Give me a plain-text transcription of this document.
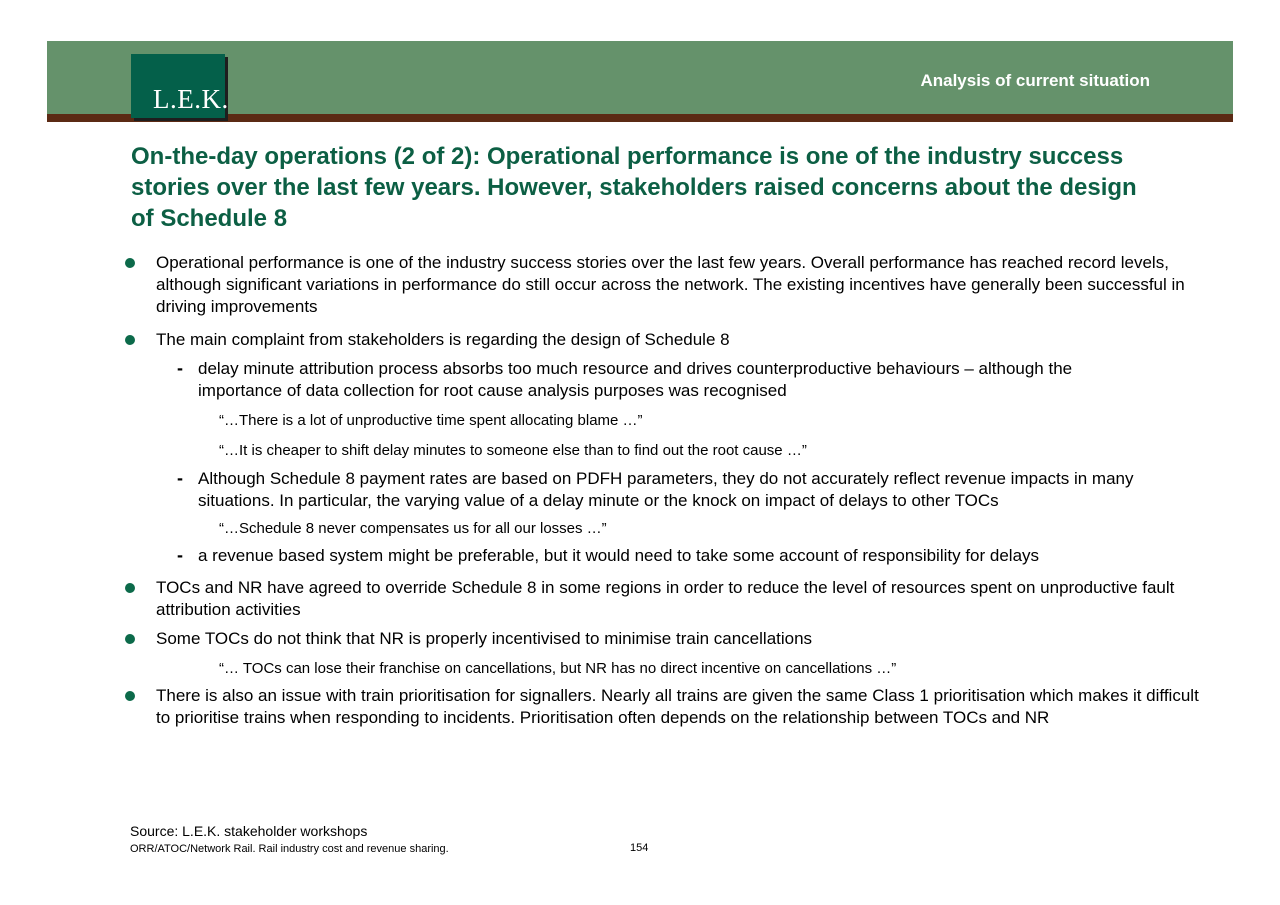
L.E.K.
Analysis of current situation
On-the-day operations (2 of 2): Operational performance is one of the industry success stories over the last few years. However, stakeholders raised concerns about the design of Schedule 8
Operational performance is one of the industry success stories over the last few years. Overall performance has reached record levels, although significant variations in performance do still occur across the network. The existing incentives have generally been successful in driving improvements
The main complaint from stakeholders is regarding the design of Schedule 8
- delay minute attribution process absorbs too much resource and drives counterproductive behaviours – although the importance of data collection for root cause analysis purposes was recognised
“…There is a lot of unproductive time spent allocating blame …”
“…It is cheaper to shift delay minutes to someone else than to find out the root cause …”
- Although Schedule 8 payment rates are based on PDFH parameters, they do not accurately reflect revenue impacts in many situations. In particular, the varying value of a delay minute or the knock on impact of delays to other TOCs
“…Schedule 8 never compensates us for all our losses …”
- a revenue based system might be preferable, but it would need to take some account of responsibility for delays
TOCs and NR have agreed to override Schedule 8 in some regions in order to reduce the level of resources spent on unproductive fault attribution activities
Some TOCs do not think that NR is properly incentivised to minimise train cancellations
“… TOCs can lose their franchise on cancellations, but NR has no direct incentive on cancellations …”
There is also an issue with train prioritisation for signallers. Nearly all trains are given the same Class 1 prioritisation which makes it difficult to prioritise trains when responding to incidents. Prioritisation often depends on the relationship between TOCs and NR
Source: L.E.K. stakeholder workshops
ORR/ATOC/Network Rail. Rail industry cost and revenue sharing.	154
